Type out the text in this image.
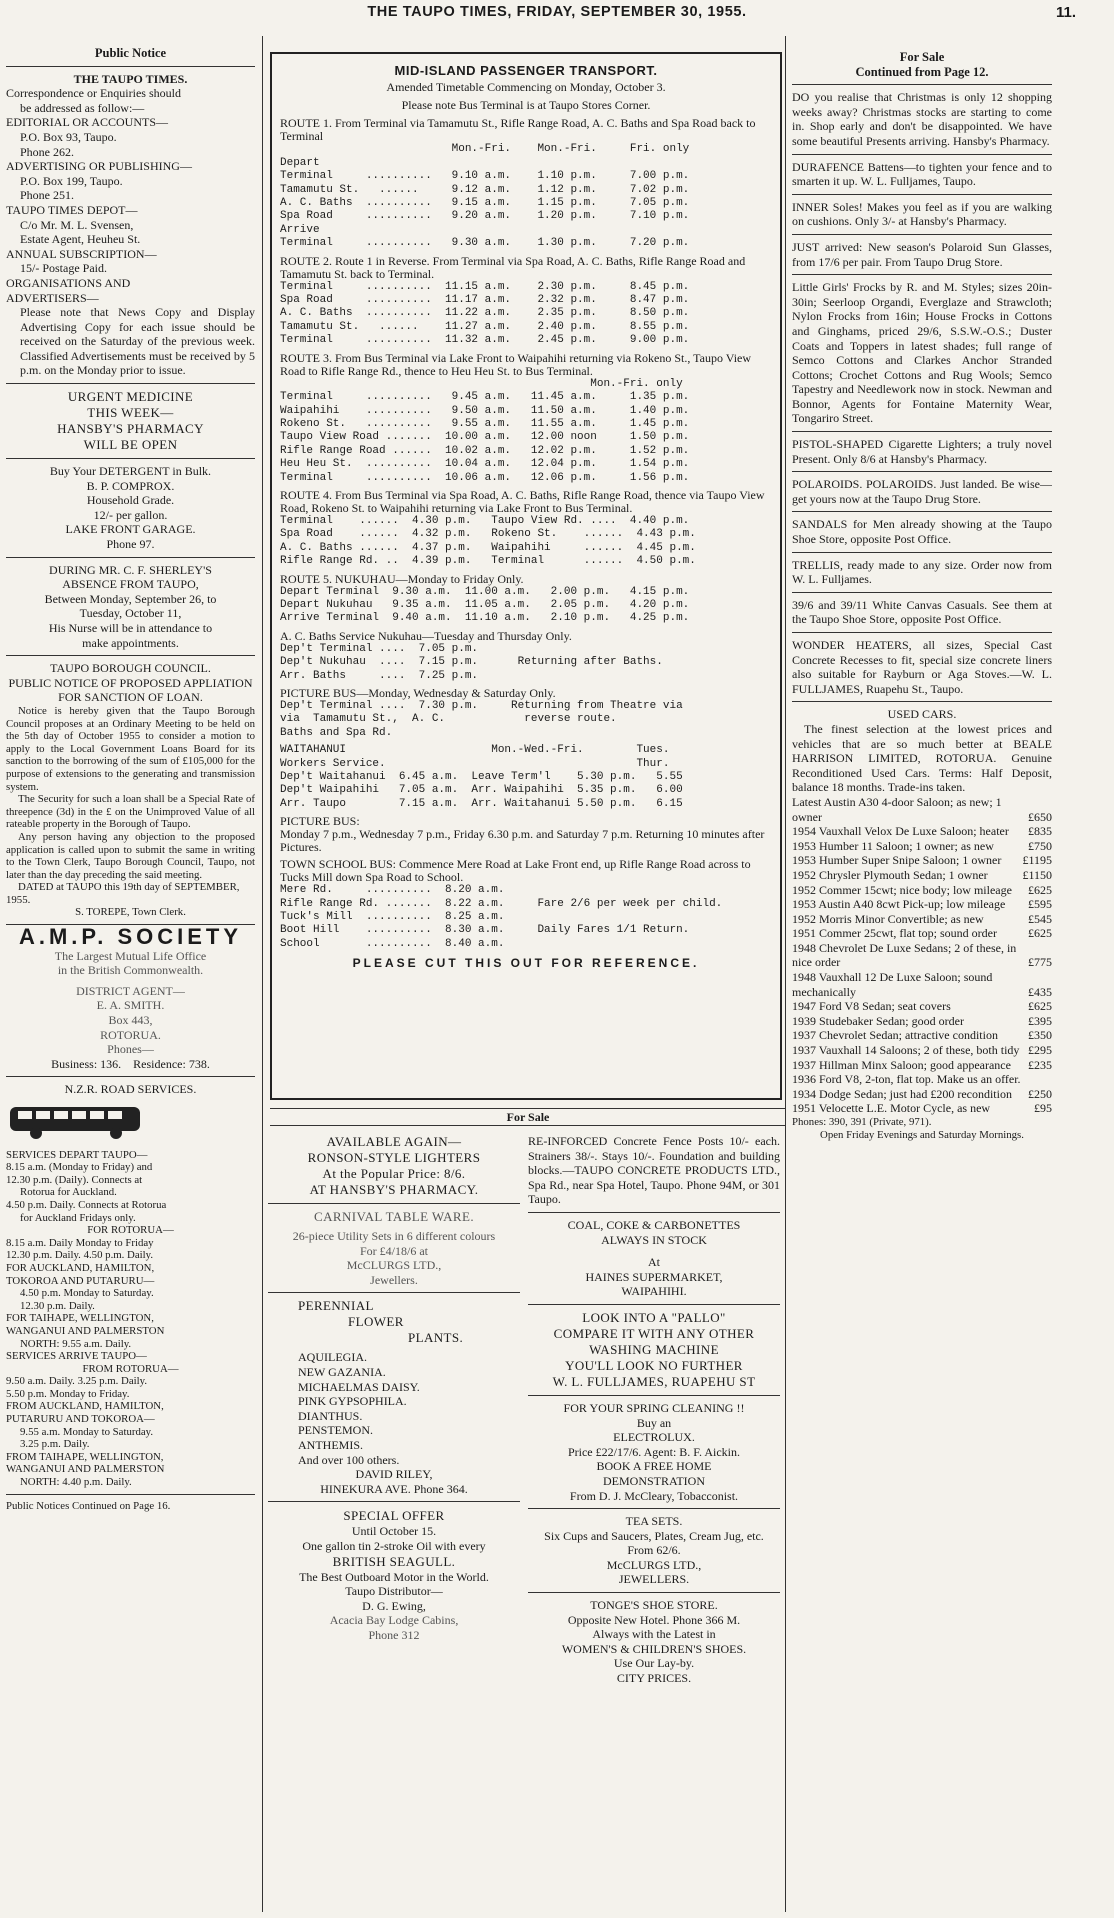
THE TAUPO TIMES, FRIDAY, SEPTEMBER 30, 1955.	11.
Public Notice
THE TAUPO TIMES.
Correspondence or Enquiries should
be addressed as follow:—
EDITORIAL OR ACCOUNTS—
P.O. Box 93, Taupo.
Phone 262.
ADVERTISING OR PUBLISHING—
P.O. Box 199, Taupo.
Phone 251.
TAUPO TIMES DEPOT—
C/o Mr. M. L. Svensen,
Estate Agent, Heuheu St.
ANNUAL SUBSCRIPTION—
15/- Postage Paid.
ORGANISATIONS AND
ADVERTISERS—
Please note that News Copy and Display Advertising Copy for each issue should be received on the Saturday of the previous week. Classified Advertisements must be received by 5 p.m. on the Monday prior to issue.
URGENT MEDICINE
THIS WEEK—
HANSBY'S PHARMACY
WILL BE OPEN
Buy Your DETERGENT in Bulk.
B. P. COMPROX.
Household Grade.
12/- per gallon.
LAKE FRONT GARAGE.
Phone 97.
DURING MR. C. F. SHERLEY'S
ABSENCE FROM TAUPO,
Between Monday, September 26, to
Tuesday, October 11,
His Nurse will be in attendance to
make appointments.
TAUPO BOROUGH COUNCIL.
PUBLIC NOTICE OF PROPOSED APPLIATION FOR SANCTION OF LOAN.
Notice is hereby given that the Taupo Borough Council proposes at an Ordinary Meeting to be held on the 5th day of October 1955 to consider a motion to apply to the Local Government Loans Board for its sanction to the borrowing of the sum of £105,000 for the purpose of extensions to the generating and transmission system.
The Security for such a loan shall be a Special Rate of threepence (3d) in the £ on the Unimproved Value of all rateable property in the Borough of Taupo.
Any person having any objection to the proposed application is called upon to submit the same in writing to the Town Clerk, Taupo Borough Council, Taupo, not later than the day preceding the said meeting.
DATED at TAUPO this 19th day of SEPTEMBER, 1955.
S. TOREPE, Town Clerk.
A.M.P. SOCIETY
The Largest Mutual Life Office
in the British Commonwealth.
DISTRICT AGENT—
E. A. SMITH.
Box 443,
ROTORUA.
Phones—
Business: 136.    Residence: 738.
N.Z.R. ROAD SERVICES.
SERVICES DEPART TAUPO—
8.15 a.m. (Monday to Friday) and
12.30 p.m. (Daily). Connects at
Rotorua for Auckland.
4.50 p.m. Daily. Connects at Rotorua
for Auckland Fridays only.
FOR ROTORUA—
8.15 a.m. Daily Monday to Friday
12.30 p.m. Daily. 4.50 p.m. Daily.
FOR AUCKLAND, HAMILTON,
TOKOROA AND PUTARURU—
4.50 p.m. Monday to Saturday.
12.30 p.m. Daily.
FOR TAIHAPE, WELLINGTON,
WANGANUI AND PALMERSTON
NORTH: 9.55 a.m. Daily.
SERVICES ARRIVE TAUPO—
FROM ROTORUA—
9.50 a.m. Daily. 3.25 p.m. Daily.
5.50 p.m. Monday to Friday.
FROM AUCKLAND, HAMILTON,
PUTARURU AND TOKOROA—
9.55 a.m. Monday to Saturday.
3.25 p.m. Daily.
FROM TAIHAPE, WELLINGTON,
WANGANUI AND PALMERSTON
NORTH: 4.40 p.m. Daily.
Public Notices Continued on Page 16.
MID-ISLAND PASSENGER TRANSPORT.
Amended Timetable Commencing on Monday, October 3.
Please note Bus Terminal is at Taupo Stores Corner.
ROUTE 1. From Terminal via Tamamutu St., Rifle Range Road, A. C. Baths and Spa Road back to Terminal
Mon.-Fri.    Mon.-Fri.     Fri. only
Depart
Terminal     ..........   9.10 a.m.    1.10 p.m.     7.00 p.m.
Tamamutu St.   ......     9.12 a.m.    1.12 p.m.     7.02 p.m.
A. C. Baths  ..........   9.15 a.m.    1.15 p.m.     7.05 p.m.
Spa Road     ..........   9.20 a.m.    1.20 p.m.     7.10 p.m.
Arrive
Terminal     ..........   9.30 a.m.    1.30 p.m.     7.20 p.m.
ROUTE 2. Route 1 in Reverse. From Terminal via Spa Road, A. C. Baths, Rifle Range Road and Tamamutu St. back to Terminal.
Terminal     ..........  11.15 a.m.    2.30 p.m.     8.45 p.m.
Spa Road     ..........  11.17 a.m.    2.32 p.m.     8.47 p.m.
A. C. Baths  ..........  11.22 a.m.    2.35 p.m.     8.50 p.m.
Tamamutu St.   ......    11.27 a.m.    2.40 p.m.     8.55 p.m.
Terminal     ..........  11.32 a.m.    2.45 p.m.     9.00 p.m.
ROUTE 3. From Bus Terminal via Lake Front to Waipahihi returning via Rokeno St., Taupo View Road to Rifle Range Rd., thence to Heu Heu St. to Bus Terminal.
Mon.-Fri. only
Terminal     ..........   9.45 a.m.   11.45 a.m.     1.35 p.m.
Waipahihi    ..........   9.50 a.m.   11.50 a.m.     1.40 p.m.
Rokeno St.   ..........   9.55 a.m.   11.55 a.m.     1.45 p.m.
Taupo View Road .......  10.00 a.m.   12.00 noon     1.50 p.m.
Rifle Range Road ......  10.02 a.m.   12.02 p.m.     1.52 p.m.
Heu Heu St.  ..........  10.04 a.m.   12.04 p.m.     1.54 p.m.
Terminal     ..........  10.06 a.m.   12.06 p.m.     1.56 p.m.
ROUTE 4. From Bus Terminal via Spa Road, A. C. Baths, Rifle Range Road, thence via Taupo View Road, Rokeno St. to Waipahihi returning via Lake Front to Bus Terminal.
Terminal    ......  4.30 p.m.   Taupo View Rd. ....  4.40 p.m.
Spa Road    ......  4.32 p.m.   Rokeno St.    ......  4.43 p.m.
A. C. Baths ......  4.37 p.m.   Waipahihi     ......  4.45 p.m.
Rifle Range Rd. ..  4.39 p.m.   Terminal      ......  4.50 p.m.
ROUTE 5. NUKUHAU—Monday to Friday Only.
Depart Terminal  9.30 a.m.  11.00 a.m.   2.00 p.m.   4.15 p.m.
Depart Nukuhau   9.35 a.m.  11.05 a.m.   2.05 p.m.   4.20 p.m.
Arrive Terminal  9.40 a.m.  11.10 a.m.   2.10 p.m.   4.25 p.m.
A. C. Baths Service Nukuhau—Tuesday and Thursday Only.
Dep't Terminal ....  7.05 p.m.
Dep't Nukuhau  ....  7.15 p.m.      Returning after Baths.
Arr. Baths     ....  7.25 p.m.
PICTURE BUS—Monday, Wednesday & Saturday Only.
Dep't Terminal ....  7.30 p.m.     Returning from Theatre via
via  Tamamutu St.,  A. C.            reverse route.
Baths and Spa Rd.
WAITAHANUI                      Mon.-Wed.-Fri.        Tues.
Workers Service.                                      Thur.
Dep't Waitahanui  6.45 a.m.  Leave Term'l    5.30 p.m.   5.55
Dep't Waipahihi   7.05 a.m.  Arr. Waipahihi  5.35 p.m.   6.00
Arr. Taupo        7.15 a.m.  Arr. Waitahanui 5.50 p.m.   6.15
PICTURE BUS:
Monday 7 p.m., Wednesday 7 p.m., Friday 6.30 p.m. and Saturday 7 p.m. Returning 10 minutes after Pictures.
TOWN SCHOOL BUS: Commence Mere Road at Lake Front end, up Rifle Range Road across to Tucks Mill down Spa Road to School.
Mere Rd.     ..........  8.20 a.m.
Rifle Range Rd. .......  8.22 a.m.     Fare 2/6 per week per child.
Tuck's Mill  ..........  8.25 a.m.
Boot Hill    ..........  8.30 a.m.     Daily Fares 1/1 Return.
School       ..........  8.40 a.m.
PLEASE CUT THIS OUT FOR REFERENCE.
For Sale
AVAILABLE AGAIN—
RONSON-STYLE LIGHTERS
At the Popular Price: 8/6.
AT HANSBY'S PHARMACY.
CARNIVAL TABLE WARE.
26-piece Utility Sets in 6 different colours
For £4/18/6 at
McCLURGS LTD.,
Jewellers.
PERENNIAL
FLOWER
PLANTS.
AQUILEGIA.
NEW GAZANIA.
MICHAELMAS DAISY.
PINK GYPSOPHILA.
DIANTHUS.
PENSTEMON.
ANTHEMIS.
And over 100 others.
DAVID RILEY,
HINEKURA AVE. Phone 364.
SPECIAL OFFER
Until October 15.
One gallon tin 2-stroke Oil with every
BRITISH SEAGULL.
The Best Outboard Motor in the World.
Taupo Distributor—
D. G. Ewing,
Acacia Bay Lodge Cabins,
Phone 312
RE-INFORCED Concrete Fence Posts 10/- each. Strainers 38/-. Stays 10/-. Foundation and building blocks.—TAUPO CONCRETE PRODUCTS LTD., Spa Rd., near Spa Hotel, Taupo. Phone 94M, or 301 Taupo.
COAL, COKE & CARBONETTES
ALWAYS IN STOCK
At
HAINES SUPERMARKET,
WAIPAHIHI.
LOOK INTO A "PALLO"
COMPARE IT WITH ANY OTHER
WASHING MACHINE
YOU'LL LOOK NO FURTHER
W. L. FULLJAMES, RUAPEHU ST
FOR YOUR SPRING CLEANING !!
Buy an
ELECTROLUX.
Price £22/17/6. Agent: B. F. Aickin.
BOOK A FREE HOME
DEMONSTRATION
From D. J. McCleary, Tobacconist.
TEA SETS.
Six Cups and Saucers, Plates, Cream Jug, etc.
From 62/6.
McCLURGS LTD.,
JEWELLERS.
TONGE'S SHOE STORE.
Opposite New Hotel. Phone 366 M.
Always with the Latest in
WOMEN'S & CHILDREN'S SHOES.
Use Our Lay-by.
CITY PRICES.
For Sale
Continued from Page 12.
DO you realise that Christmas is only 12 shopping weeks away? Christmas stocks are starting to come in. Shop early and don't be disappointed. We have some beautiful Presents arriving. Hansby's Pharmacy.
DURAFENCE Battens—to tighten your fence and to smarten it up. W. L. Fulljames, Taupo.
INNER Soles! Makes you feel as if you are walking on cushions. Only 3/- at Hansby's Pharmacy.
JUST arrived: New season's Polaroid Sun Glasses, from 17/6 per pair. From Taupo Drug Store.
Little Girls' Frocks by R. and M. Styles; sizes 20in-30in; Seerloop Organdi, Everglaze and Strawcloth; Nylon Frocks from 16in; House Frocks in Cottons and Ginghams, priced 29/6, S.S.W.-O.S.; Duster Coats and Toppers in latest shades; full range of Semco Cottons and Clarkes Anchor Stranded Cottons; Crochet Cottons and Rug Wools; Semco Tapestry and Needlework now in stock. Newman and Bonnor, Agents for Fontaine Maternity Wear, Tongariro Street.
PISTOL-SHAPED Cigarette Lighters; a truly novel Present. Only 8/6 at Hansby's Pharmacy.
POLAROIDS. POLAROIDS. Just landed. Be wise—get yours now at the Taupo Drug Store.
SANDALS for Men already showing at the Taupo Shoe Store, opposite Post Office.
TRELLIS, ready made to any size. Order now from W. L. Fulljames.
39/6 and 39/11 White Canvas Casuals. See them at the Taupo Shoe Store, opposite Post Office.
WONDER HEATERS, all sizes, Special Cast Concrete Recesses to fit, special size concrete liners also suitable for Rayburn or Aga Stoves.—W. L. FULLJAMES, Ruapehu St., Taupo.
USED CARS.
The finest selection at the lowest prices and vehicles that are so much better at BEALE HARRISON LIMITED, ROTORUA. Genuine Reconditioned Used Cars. Terms: Half Deposit, balance 18 months. Trade-ins taken.
Latest Austin A30 4-door Saloon; as new; 1 owner	£650
1954 Vauxhall Velox De Luxe Saloon; heater	£835
1953 Humber 11 Saloon; 1 owner; as new	£750
1953 Humber Super Snipe Saloon; 1 owner	£1195
1952 Chrysler Plymouth Sedan; 1 owner	£1150
1952 Commer 15cwt; nice body; low mileage	£625
1953 Austin A40 8cwt Pick-up; low mileage	£595
1952 Morris Minor Convertible; as new	£545
1951 Commer 25cwt, flat top; sound order	£625
1948 Chevrolet De Luxe Sedans; 2 of these, in nice order	£775
1948 Vauxhall 12 De Luxe Saloon; sound mechanically	£435
1947 Ford V8 Sedan; seat covers	£625
1939 Studebaker Sedan; good order	£395
1937 Chevrolet Sedan; attractive condition	£350
1937 Vauxhall 14 Saloons; 2 of these, both tidy £295
1937 Hillman Minx Saloon; good appearance	£235
1936 Ford V8, 2-ton, flat top. Make us an offer.
1934 Dodge Sedan; just had £200 recondition	£250
1951 Velocette L.E. Motor Cycle, as new	£95
Phones: 390, 391 (Private, 971).
Open Friday Evenings and Saturday Mornings.
